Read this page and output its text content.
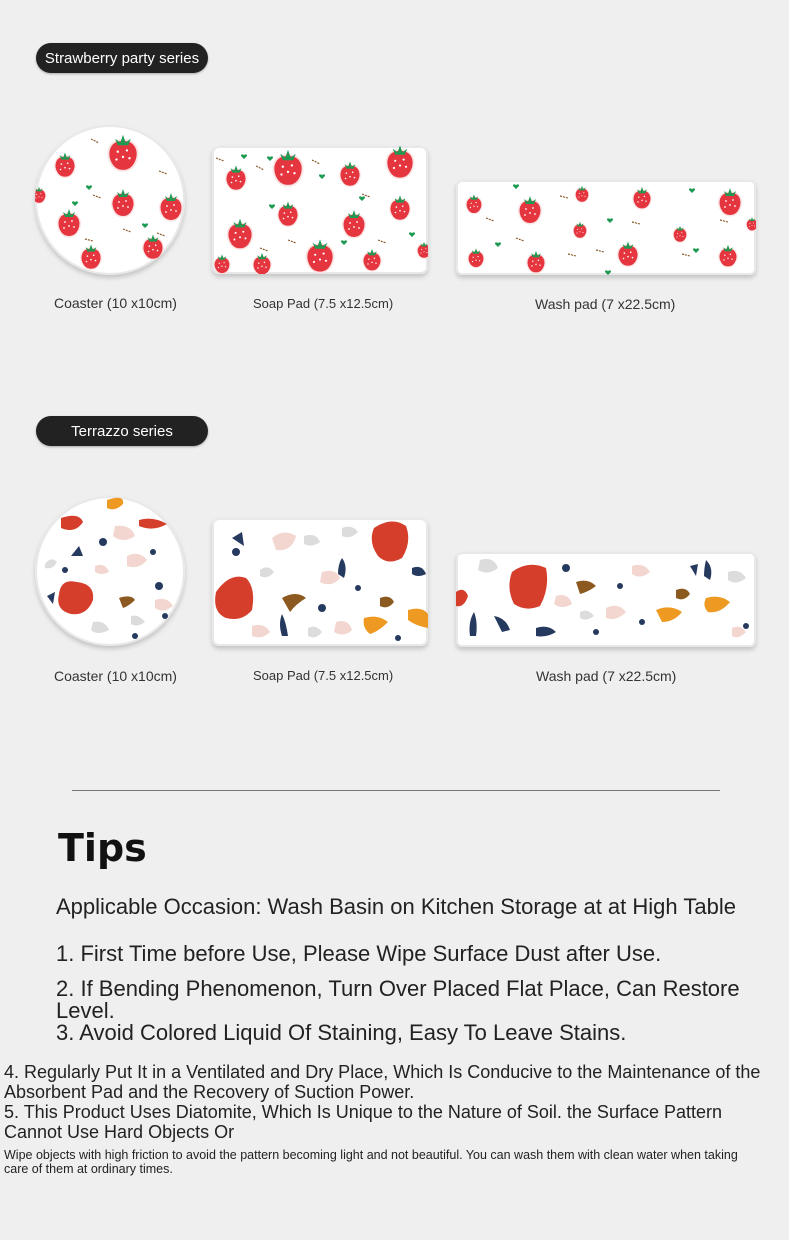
Strawberry party series
Coaster (10 x10cm)	Soap Pad (7.5 x12.5cm)	Wash pad (7 x22.5cm)
Terrazzo series
Coaster (10 x10cm)	Soap Pad (7.5 x12.5cm)	Wash pad (7 x22.5cm)
Tips
Applicable Occasion: Wash Basin on Kitchen Storage at at High Table
1. First Time before Use, Please Wipe Surface Dust after Use.
2. If Bending Phenomenon, Turn Over Placed Flat Place, Can Restore Level.
3. Avoid Colored Liquid Of Staining, Easy To Leave Stains.
4. Regularly Put It in a Ventilated and Dry Place, Which Is Conducive to the Maintenance of the Absorbent Pad and the Recovery of Suction Power.
5. This Product Uses Diatomite, Which Is Unique to the Nature of Soil. the Surface Pattern Cannot Use Hard Objects Or
Wipe objects with high friction to avoid the pattern becoming light and not beautiful. You can wash them with clean water when taking care of them at ordinary times.
